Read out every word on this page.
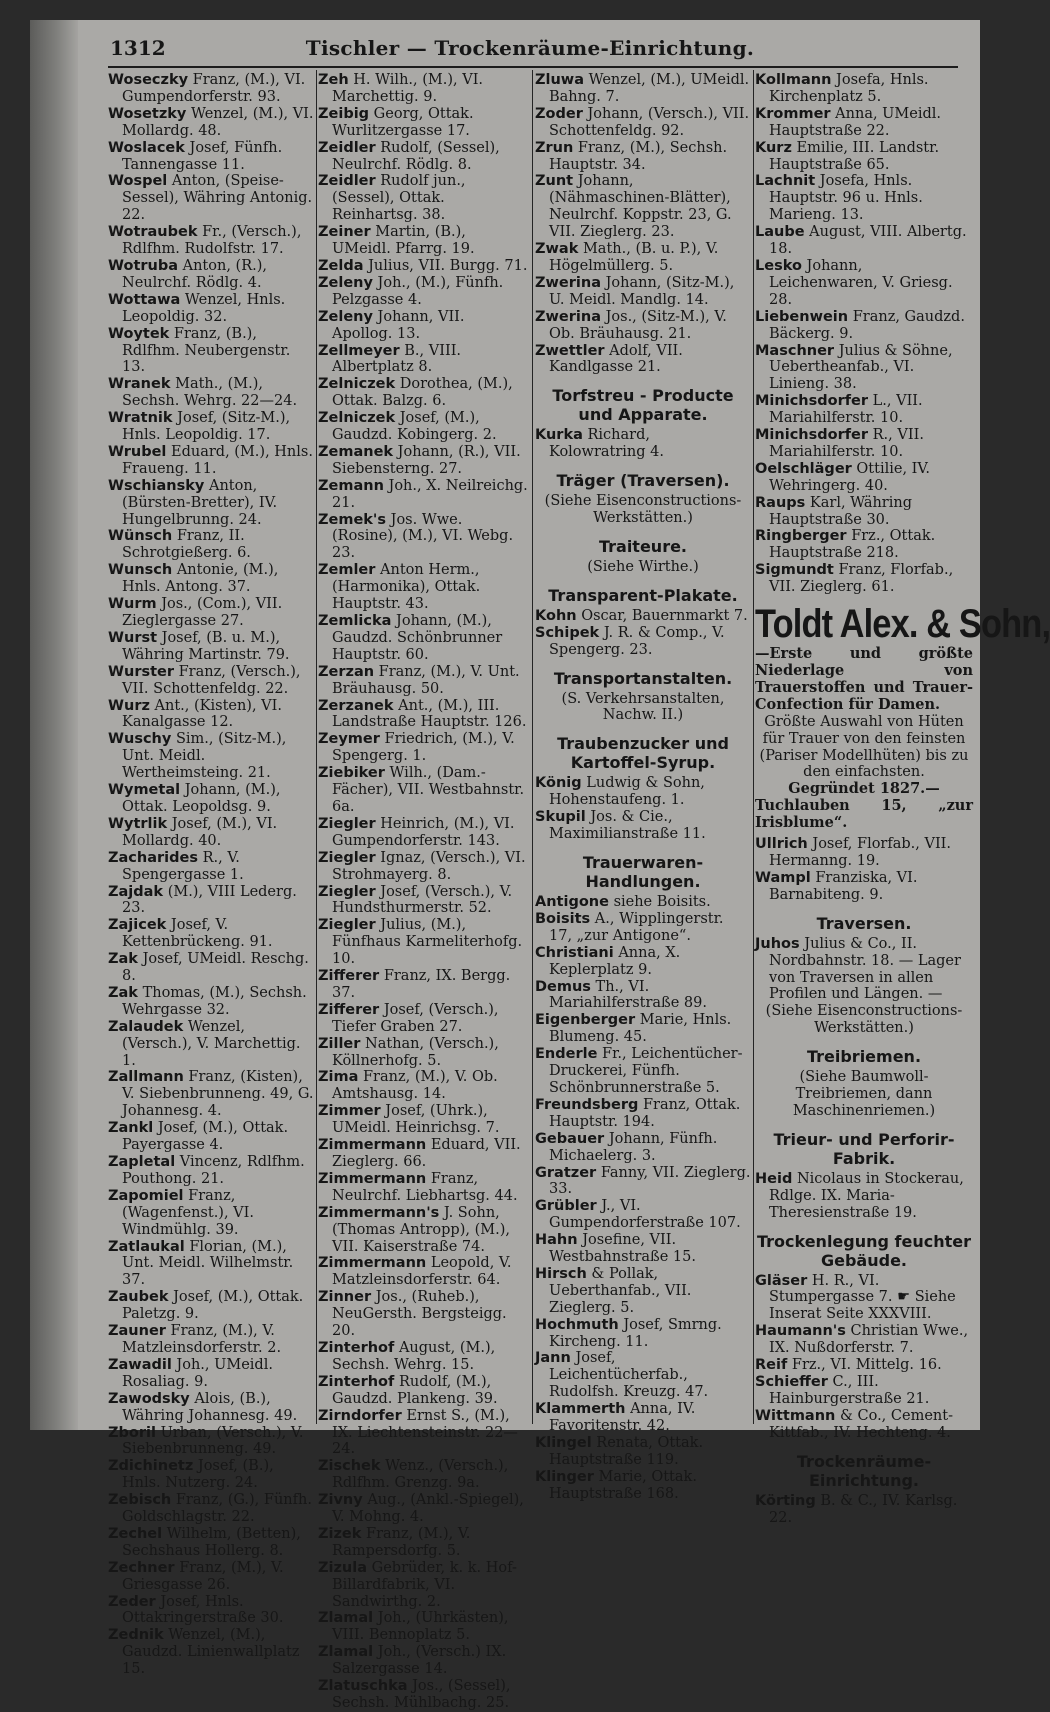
1312	Tischler — Trockenräume-Einrichtung.

Woseczky Franz, (M.), VI. Gumpendorferstr. 93.

Wosetzky Wenzel, (M.), VI. Mollardg. 48.

Woslacek Josef, Fünfh. Tannengasse 11.

Wospel Anton, (Speise-Sessel), Währing Antonig. 22.

Wotraubek Fr., (Versch.), Rdlfhm. Rudolfstr. 17.

Wotruba Anton, (R.), Neulrchf. Rödlg. 4.

Wottawa Wenzel, Hnls. Leopoldig. 32.

Woytek Franz, (B.), Rdlfhm. Neubergenstr. 13.

Wranek Math., (M.), Sechsh. Wehrg. 22—24.

Wratnik Josef, (Sitz-M.), Hnls. Leopoldig. 17.

Wrubel Eduard, (M.), Hnls. Fraueng. 11.

Wschiansky Anton, (Bürsten-Bretter), IV. Hungelbrunng. 24.

Wünsch Franz, II. Schrotgießerg. 6.

Wunsch Antonie, (M.), Hnls. Antong. 37.

Wurm Jos., (Com.), VII. Zieglergasse 27.

Wurst Josef, (B. u. M.), Währing Martinstr. 79.

Wurster Franz, (Versch.), VII. Schottenfeldg. 22.

Wurz Ant., (Kisten), VI. Kanalgasse 12.

Wuschy Sim., (Sitz-M.), Unt. Meidl. Wertheimsteing. 21.

Wymetal Johann, (M.), Ottak. Leopoldsg. 9.

Wytrlik Josef, (M.), VI. Mollardg. 40.

Zacharides R., V. Spengergasse 1.

Zajdak (M.), VIII Lederg. 23.

Zajicek Josef, V. Kettenbrückeng. 91.

Zak Josef, UMeidl. Reschg. 8.

Zak Thomas, (M.), Sechsh. Wehrgasse 32.

Zalaudek Wenzel, (Versch.), V. Marchettig. 1.

Zallmann Franz, (Kisten), V. Siebenbrunneng. 49, G. Johannesg. 4.

Zankl Josef, (M.), Ottak. Payergasse 4.

Zapletal Vincenz, Rdlfhm. Pouthong. 21.

Zapomiel Franz, (Wagenfenst.), VI. Windmühlg. 39.

Zatlaukal Florian, (M.), Unt. Meidl. Wilhelmstr. 37.

Zaubek Josef, (M.), Ottak. Paletzg. 9.

Zauner Franz, (M.), V. Matzleinsdorferstr. 2.

Zawadil Joh., UMeidl. Rosaliag. 9.

Zawodsky Alois, (B.), Währing Johannesg. 49.

Zboril Urban, (Versch.), V. Siebenbrunneng. 49.

Zdichinetz Josef, (B.), Hnls. Nutzerg. 24.

Zebisch Franz, (G.), Fünfh. Goldschlagstr. 22.

Zechel Wilhelm, (Betten), Sechshaus Hollerg. 8.

Zechner Franz, (M.), V. Griesgasse 26.

Zeder Josef, Hnls. Ottakringerstraße 30.

Zednik Wenzel, (M.), Gaudzd. Linienwallplatz 15.

Zeh H. Wilh., (M.), VI. Marchettig. 9.

Zeibig Georg, Ottak. Wurlitzergasse 17.

Zeidler Rudolf, (Sessel), Neulrchf. Rödlg. 8.

Zeidler Rudolf jun., (Sessel), Ottak. Reinhartsg. 38.

Zeiner Martin, (B.), UMeidl. Pfarrg. 19.

Zelda Julius, VII. Burgg. 71.

Zeleny Joh., (M.), Fünfh. Pelzgasse 4.

Zeleny Johann, VII. Apollog. 13.

Zellmeyer B., VIII. Albertplatz 8.

Zelniczek Dorothea, (M.), Ottak. Balzg. 6.

Zelniczek Josef, (M.), Gaudzd. Kobingerg. 2.

Zemanek Johann, (R.), VII. Siebensterng. 27.

Zemann Joh., X. Neilreichg. 21.

Zemek's Jos. Wwe. (Rosine), (M.), VI. Webg. 23.

Zemler Anton Herm., (Harmonika), Ottak. Hauptstr. 43.

Zemlicka Johann, (M.), Gaudzd. Schönbrunner Hauptstr. 60.

Zerzan Franz, (M.), V. Unt. Bräuhausg. 50.

Zerzanek Ant., (M.), III. Landstraße Hauptstr. 126.

Zeymer Friedrich, (M.), V. Spengerg. 1.

Ziebiker Wilh., (Dam.-Fächer), VII. Westbahnstr. 6a.

Ziegler Heinrich, (M.), VI. Gumpendorferstr. 143.

Ziegler Ignaz, (Versch.), VI. Strohmayerg. 8.

Ziegler Josef, (Versch.), V. Hundsthurmerstr. 52.

Ziegler Julius, (M.), Fünfhaus Karmeliterhofg. 10.

Zifferer Franz, IX. Bergg. 37.

Zifferer Josef, (Versch.), Tiefer Graben 27.

Ziller Nathan, (Versch.), Köllnerhofg. 5.

Zima Franz, (M.), V. Ob. Amtshausg. 14.

Zimmer Josef, (Uhrk.), UMeidl. Heinrichsg. 7.

Zimmermann Eduard, VII. Zieglerg. 66.

Zimmermann Franz, Neulrchf. Liebhartsg. 44.

Zimmermann's J. Sohn, (Thomas Antropp), (M.), VII. Kaiserstraße 74.

Zimmermann Leopold, V. Matzleinsdorferstr. 64.

Zinner Jos., (Ruheb.), NeuGersth. Bergsteigg. 20.

Zinterhof August, (M.), Sechsh. Wehrg. 15.

Zinterhof Rudolf, (M.), Gaudzd. Plankeng. 39.

Zirndorfer Ernst S., (M.), IX. Liechtensteinstr. 22—24.

Zischek Wenz., (Versch.), Rdlfhm. Grenzg. 9a.

Zivny Aug., (Ankl.-Spiegel), V. Mohng. 4.

Zizek Franz, (M.), V. Rampersdorfg. 5.

Zizula Gebrüder, k. k. Hof-Billardfabrik, VI. Sandwirthg. 2.

Zlamal Joh., (Uhrkästen), VIII. Bennoplatz 5.

Zlamal Joh., (Versch.) IX. Salzergasse 14.

Zlatuschka Jos., (Sessel), Sechsh. Mühlbachg. 25.

Zluwa Wenzel, (M.), UMeidl. Bahng. 7.

Zoder Johann, (Versch.), VII. Schottenfeldg. 92.

Zrun Franz, (M.), Sechsh. Hauptstr. 34.

Zunt Johann, (Nähmaschinen-Blätter), Neulrchf. Koppstr. 23, G. VII. Zieglerg. 23.

Zwak Math., (B. u. P.), V. Högelmüllerg. 5.

Zwerina Johann, (Sitz-M.), U. Meidl. Mandlg. 14.

Zwerina Jos., (Sitz-M.), V. Ob. Bräuhausg. 21.

Zwettler Adolf, VII. Kandlgasse 21.

Torfstreu - Producte und Apparate.

Kurka Richard, Kolowratring 4.

Träger (Traversen).
(Siehe Eisenconstructions-Werkstätten.)
Traiteure.
(Siehe Wirthe.)
Transparent-Plakate.

Kohn Oscar, Bauernmarkt 7.

Schipek J. R. & Comp., V. Spengerg. 23.

Transportanstalten.
(S. Verkehrsanstalten, Nachw. II.)
Traubenzucker und Kartoffel-Syrup.

König Ludwig & Sohn, Hohenstaufeng. 1.

Skupil Jos. & Cie., Maximilianstraße 11.

Trauerwaren-Handlungen.

Antigone siehe Boisits.

Boisits A., Wipplingerstr. 17, „zur Antigone“.

Christiani Anna, X. Keplerplatz 9.

Demus Th., VI. Mariahilferstraße 89.

Eigenberger Marie, Hnls. Blumeng. 45.

Enderle Fr., Leichentücher-Druckerei, Fünfh. Schönbrunnerstraße 5.

Freundsberg Franz, Ottak. Hauptstr. 194.

Gebauer Johann, Fünfh. Michaelerg. 3.

Gratzer Fanny, VII. Zieglerg. 33.

Grübler J., VI. Gumpendorferstraße 107.

Hahn Josefine, VII. Westbahnstraße 15.

Hirsch & Pollak, Ueberthanfab., VII. Zieglerg. 5.

Hochmuth Josef, Smrng. Kircheng. 11.

Jann Josef, Leichentücherfab., Rudolfsh. Kreuzg. 47.

Klammerth Anna, IV. Favoritenstr. 42.

Klingel Renata, Ottak. Hauptstraße 119.

Klinger Marie, Ottak. Hauptstraße 168.

Kollmann Josefa, Hnls. Kirchenplatz 5.

Krommer Anna, UMeidl. Hauptstraße 22.

Kurz Emilie, III. Landstr. Hauptstraße 65.

Lachnit Josefa, Hnls. Hauptstr. 96 u. Hnls. Marieng. 13.

Laube August, VIII. Albertg. 18.

Lesko Johann, Leichenwaren, V. Griesg. 28.

Liebenwein Franz, Gaudzd. Bäckerg. 9.

Maschner Julius & Söhne, Uebertheanfab., VI. Linieng. 38.

Minichsdorfer L., VII. Mariahilferstr. 10.

Minichsdorfer R., VII. Mariahilferstr. 10.

Oelschläger Ottilie, IV. Wehringerg. 40.

Raups Karl, Währing Hauptstraße 30.

Ringberger Frz., Ottak. Hauptstraße 218.

Sigmundt Franz, Florfab., VII. Zieglerg. 61.

Toldt Alex. & Sohn,
—Erste und größte Niederlage von Trauerstoffen und Trauer-Confection für Damen.
Größte Auswahl von Hüten für Trauer von den feinsten (Pariser Modellhüten) bis zu den einfachsten.
Gegründet 1827.—
Tuchlauben 15, „zur Irisblume“.

Ullrich Josef, Florfab., VII. Hermanng. 19.

Wampl Franziska, VI. Barnabiteng. 9.

Traversen.

Juhos Julius & Co., II. Nordbahnstr. 18. — Lager von Traversen in allen Profilen und Längen. —

(Siehe Eisenconstructions-Werkstätten.)
Treibriemen.
(Siehe Baumwoll-Treibriemen, dann Maschinenriemen.)
Trieur- und Perforir-Fabrik.

Heid Nicolaus in Stockerau, Rdlge. IX. Maria-Theresienstraße 19.

Trockenlegung feuchter Gebäude.

Gläser H. R., VI. Stumpergasse 7. ☛ Siehe Inserat Seite XXXVIII.

Haumann's Christian Wwe., IX. Nußdorferstr. 7.

Reif Frz., VI. Mittelg. 16.

Schieffer C., III. Hainburgerstraße 21.

Wittmann & Co., Cement-Kittfab., IV. Hechteng. 4.

Trockenräume-Einrichtung.

Körting B. & C., IV. Karlsg. 22.
